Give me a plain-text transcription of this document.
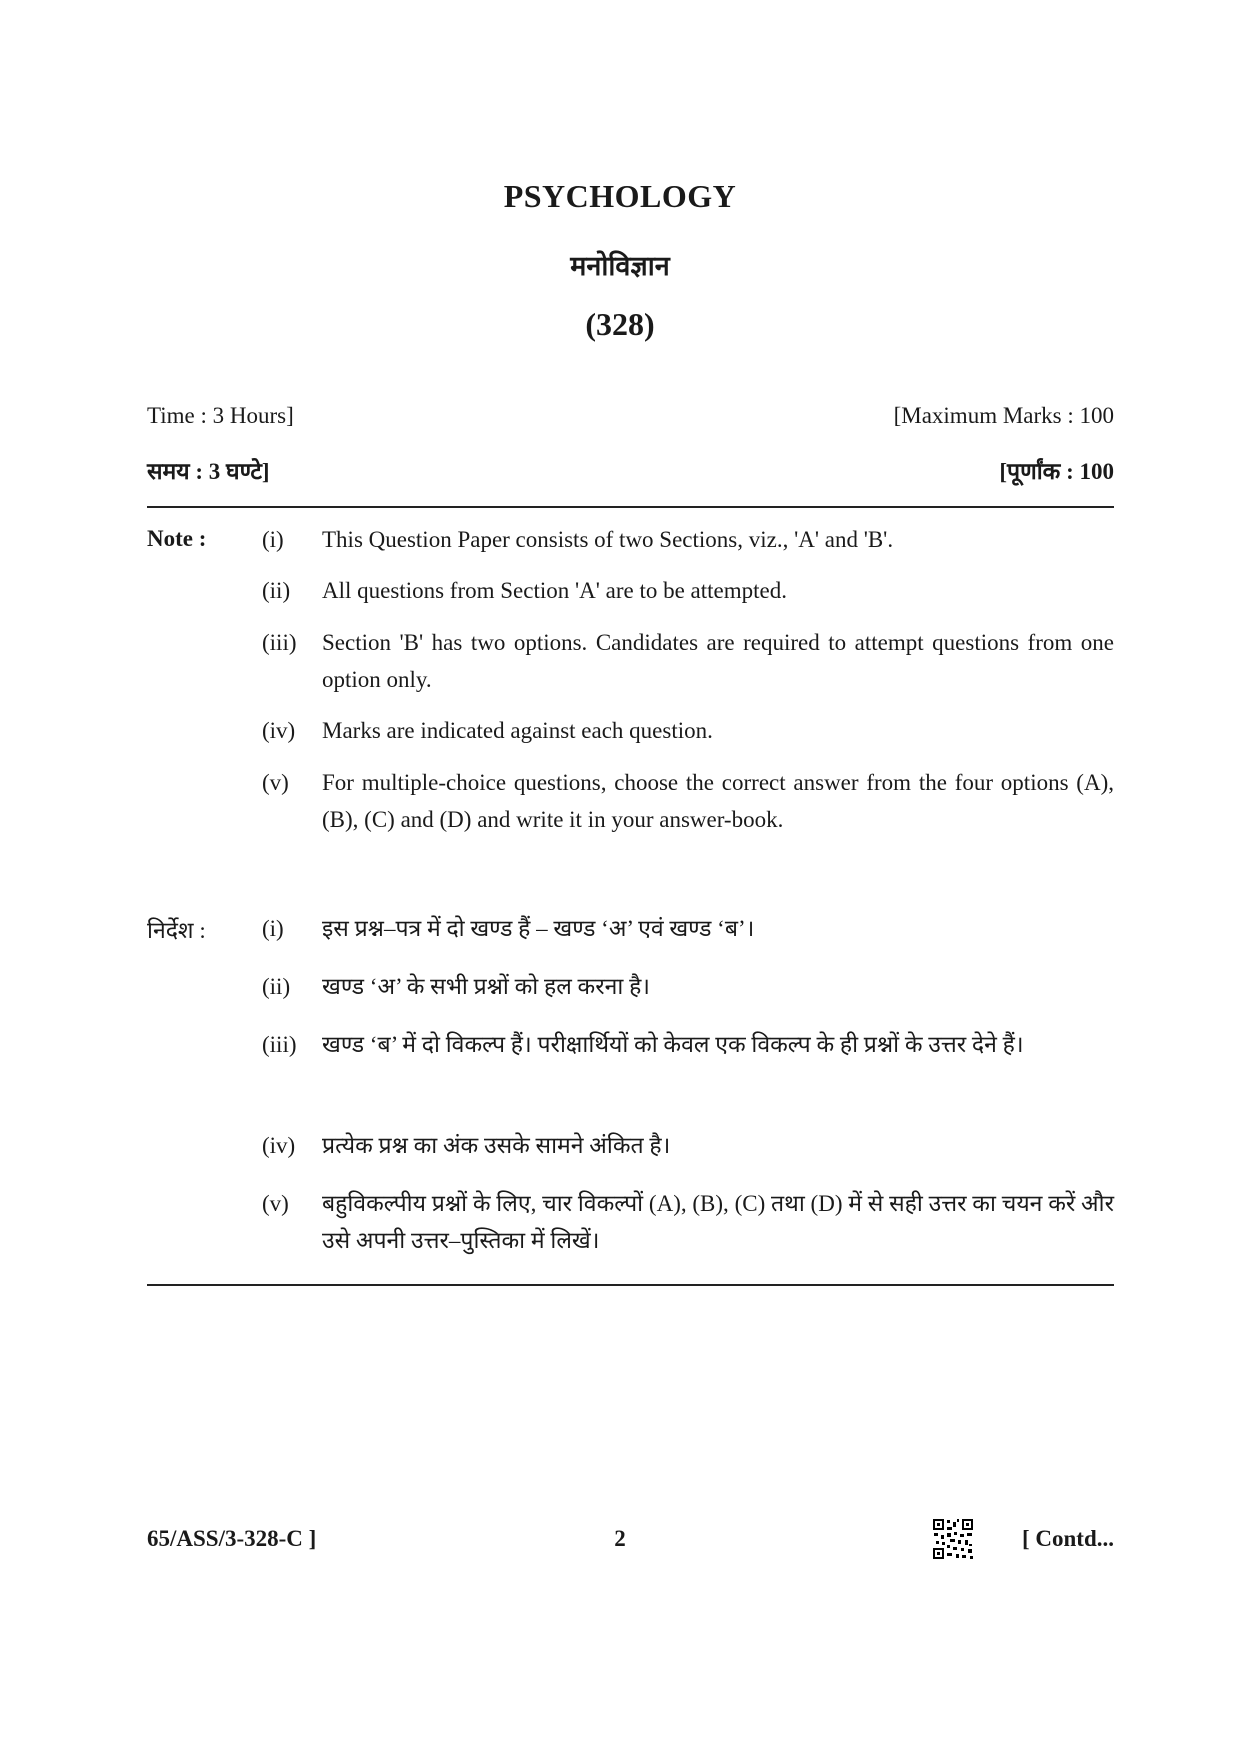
PSYCHOLOGY
मनोविज्ञान
(328)
Time : 3 Hours]	[Maximum Marks : 100
समय : 3 घण्टे]	[पूर्णांक : 100
Note : (i) This Question Paper consists of two Sections, viz., 'A' and 'B'.
(ii) All questions from Section 'A' are to be attempted.
(iii) Section 'B' has two options. Candidates are required to attempt questions from one option only.
(iv) Marks are indicated against each question.
(v) For multiple-choice questions, choose the correct answer from the four options (A), (B), (C) and (D) and write it in your answer-book.
निर्देश : (i) इस प्रश्न–पत्र में दो खण्ड हैं – खण्ड ‘अ’ एवं खण्ड ‘ब’।
(ii) खण्ड ‘अ’ के सभी प्रश्नों को हल करना है।
(iii) खण्ड ‘ब’ में दो विकल्प हैं। परीक्षार्थियों को केवल एक विकल्प के ही प्रश्नों के उत्तर देने हैं।
(iv) प्रत्येक प्रश्न का अंक उसके सामने अंकित है।
(v) बहुविकल्पीय प्रश्नों के लिए, चार विकल्पों (A), (B), (C) तथा (D) में से सही उत्तर का चयन करें और उसे अपनी उत्तर–पुस्तिका में लिखें।
65/ASS/3-328-C ]	2	[ Contd...
